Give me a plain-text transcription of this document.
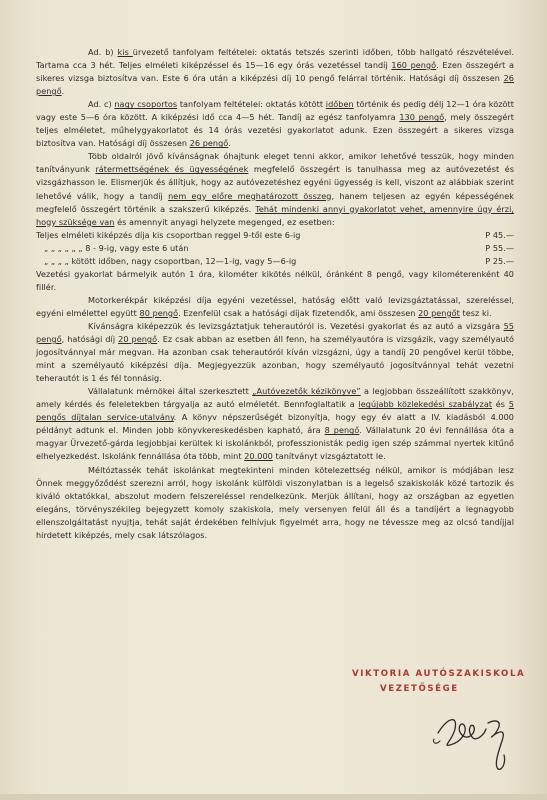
Ad. b) kis ürvezető tanfolyam feltételei: oktatás tetszés szerinti időben, több hallgató részvételével. Tartama cca 3 hét. Teljes elméleti kiképzéssel és 15—16 egy órás vezetéssel tandíj 160 pengő. Ezen összegért a sikeres vizsga biztosítva van. Este 6 óra után a kiképzési díj 10 pengő felárral történik. Hatósági díj összesen 26 pengő.

Ad. c) nagy csoportos tanfolyam feltételei: oktatás kötött időben történik és pedig délj 12—1 óra között vagy este 5—6 óra között. A kiképzési idő cca 4—5 hét. Tandíj az egész tanfolyamra 130 pengő, mely összegért teljes elméletet, műhelygyakorlatot és 14 órás vezetési gyakorlatot adunk. Ezen összegért a sikeres vizsga biztosítva van. Hatósági díj összesen 26 pengő.

Több oldalról jövő kívánságnak óhajtunk eleget tenni akkor, amikor lehetővé tesszük, hogy minden tanítványunk rátermettségének és ügyességének megfelelő összegért is tanulhassa meg az autóvezetést és vizsgázhasson le. Elismerjük és állítjuk, hogy az autóvezetéshez egyéni ügyesség is kell, viszont az alábbiak szerint lehetővé válik, hogy a tandíj nem egy előre meghatározott összeg, hanem teljesen az egyén képességének megfelelő összegért történik a szakszerű kiképzés. Tehát mindenki annyi gyakorlatot vehet, amennyire úgy érzi, hogy szüksége van és amennyit anyagi helyzete megenged, ez esetben:

Teljes elméleti kiképzés díja kis csoportban reggel 9-től este 6-ig	P 45.—
„ „ „ „ „ „ 8 - 9-ig, vagy este 6 után	P 55.—
„ „ „ „ kötött időben, nagy csoportban, 12—1-ig, vagy 5—6-ig	P 25.—

Vezetési gyakorlat bármelyik autón 1 óra, kilométer kikötés nélkül, óránként 8 pengő, vagy kilométerenként 40 fillér.

Motorkerékpár kiképzési díja egyéni vezetéssel, hatóság előtt való levizsgáztatással, szereléssel, egyéni elmélettel együtt 80 pengő. Ezenfelül csak a hatósági díjak fizetendők, ami összesen 20 pengőt tesz ki.

Kívánságra kiképezzük és levizsgáztatjuk teherautóról is. Vezetési gyakorlat és az autó a vizsgára 55 pengő, hatósági díj 20 pengő. Ez csak abban az esetben áll fenn, ha személyautóra is vizsgázik, vagy személyautó jogosítvánnyal már megvan. Ha azonban csak teherautóról kíván vizsgázni, úgy a tandíj 20 pengővel kerül többe, mint a személyautó kiképzési díja. Megjegyezzük azonban, hogy személyautó jogosítvánnyal tehát vezetni teherautót is 1 és fél tonnásig.

Vállalatunk mérnökei által szerkesztett „Autóvezetők kézikönyve” a legjobban összeállított szakkönyv, amely kérdés és feleletekben tárgyalja az autó elméletét. Bennfoglaltatik a legújabb közlekedési szabályzat és 5 pengős díjtalan service-utalvány. A könyv népszerűségét bizonyítja, hogy egy év alatt a IV. kiadásból 4.000 példányt adtunk el. Minden jobb könyvkereskedésben kapható, ára 8 pengő. Vállalatunk 20 évi fennállása óta a magyar Ürvezető-gárda legjobbjai kerültek ki iskolánkból, professzionisták pedig igen szép számmal nyertek kitűnő elhelyezkedést. Iskolánk fennállása óta több, mint 20.000 tanítványt vizsgáztatott le.

Méltóztassék tehát iskolánkat megtekinteni minden kötelezettség nélkül, amikor is módjában lesz Önnek meggyőződést szerezni arról, hogy iskolánk külföldi viszonylatban is a legelső szakiskolák közé tartozik és kiváló oktatókkal, abszolut modern felszereléssel rendelkezünk. Merjük állítani, hogy az országban az egyetlen elegáns, törvényszékileg bejegyzett komoly szakiskola, mely versenyen felül áll és a tandíjért a legnagyobb ellenszolgáltatást nyujtja, tehát saját érdekében felhívjuk figyelmét arra, hogy ne tévessze meg az olcsó tandíjjal hirdetett kiképzés, mely csak látszólagos.

VIKTORIA AUTÓSZAKISKOLA
VEZETŐSÉGE
